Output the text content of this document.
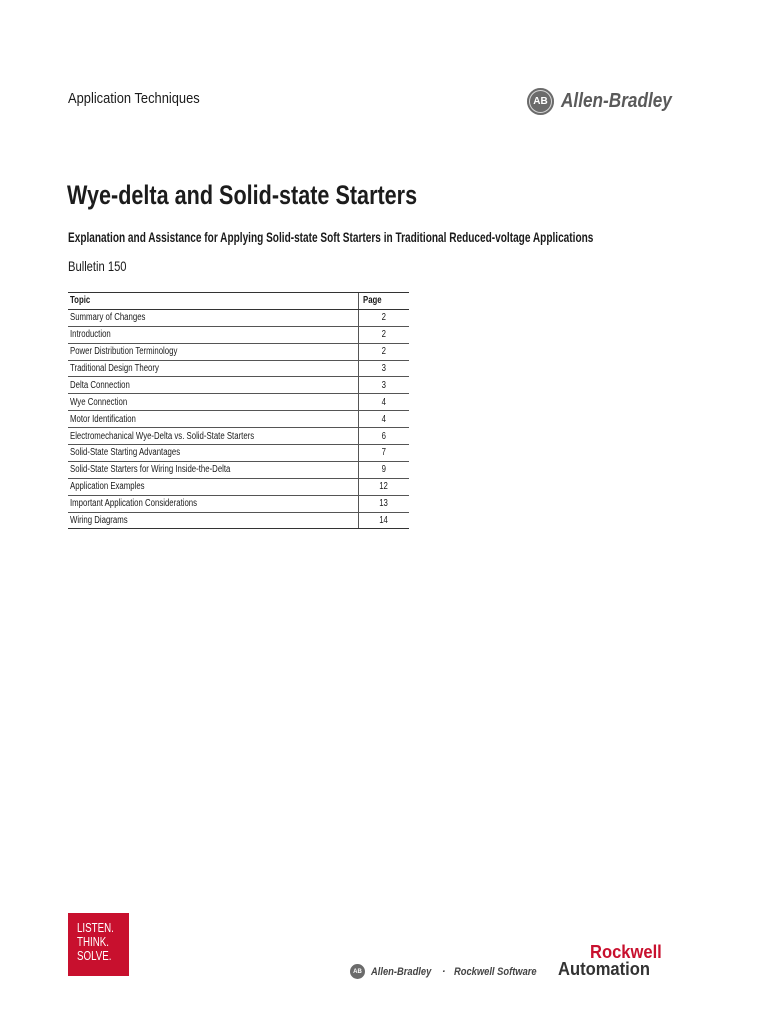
Application Techniques	AB Allen-Bradley
Wye-delta and Solid-state Starters
Explanation and Assistance for Applying Solid-state Soft Starters in Traditional Reduced-voltage Applications
Bulletin 150
Topic	Page
Summary of Changes	2
Introduction	2
Power Distribution Terminology	2
Traditional Design Theory	3
Delta Connection	3
Wye Connection	4
Motor Identification	4
Electromechanical Wye-Delta vs. Solid-State Starters	6
Solid-State Starting Advantages	7
Solid-State Starters for Wiring Inside-the-Delta	9
Application Examples	12
Important Application Considerations	13
Wiring Diagrams	14
LISTEN.
THINK.
SOLVE.
AB Allen-Bradley · Rockwell Software
Rockwell
Automation
